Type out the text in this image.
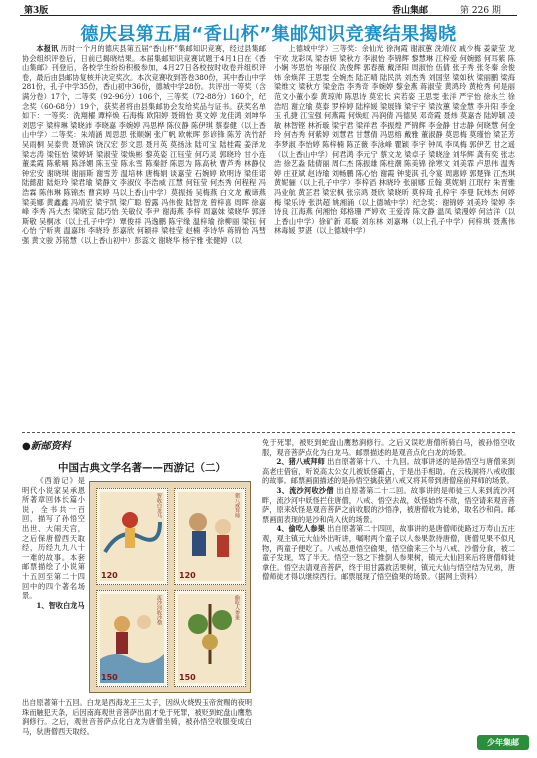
第3版	香山集邮	第 226 期
德庆县第五届“香山杯”集邮知识竞赛结果揭晓

本报讯 历时一个月的德庆县第五届“香山杯”集邮知识竞赛，经过县集邮协会组织评卷后，日前已揭晓结果。本届集邮知识竞赛试题于4月1日在《香山集邮》刊登后，各校学生纷纷积极参加，4月27日各校按时收卷并组织评卷，最后由县邮协复核并决定奖次。本次竞赛收到答卷380份，其中香山中学281份，孔子中学35份，香山初中36份，德城中学28份。共评出一等奖（含满分卷）17个，二等奖（92-96分）106个，三等奖（72-88分）160个，纪念奖（60-68分）19个，获奖者将由县集邮协会发给奖品与证书。获奖名单如下：一等奖：洗翔櫂 谭梓焕 石海梅 欧阳婷 聂锦怡 莫文婷 龙佳鸿 刘坤华 刘思宇 梁梓琳 梁晓沛 李晓嘉 李婉婷 冯思桦 陈仪静 陈伊琪 蔡泰健（以上香山中学）二等奖：朱靖涵 周思思 张顺娴 张广帆 欧帐晖 彭谚锋 陈芳 冼竹舒 吴雨桐 吴泰贵 聂锦滨 饶汉宏 彭文思 聂月英 莫扬泳 陆可宝 陆桂霞 姜泽龙 梁志涛 梁钰怡 梁婷妍 梁淑莹 梁焕彬 黎英姿 江钰莹 何巧灵 郭晓玲 甘小连 董柔霞 陈紫喃 陈泽媚 陈玉莹 陈永雪 陈秦舒 陈思为 陈高秋 曹芦秀 林静仪 钟宏安 谢晓琪 谢丽斯 谢雪芳 温培林 唐梅娟 谈嘉莹 石婉婷 欧明诗 梁佳诺 陆懿甜 陆炬玲 梁君瑜 梁静文 李淑仪 李浩威 江慧 何钰莹 何杰秀 何程程 冯浩霖 陈伟琳 陈锦杰 曹宾婷 马以上香山中学）莫振扬 吴梅燕 白文龙 戴谛燕 梁美娜 黄鑫鑫 冯靖宏 梁宇凯 梁广聪 曾露 冯伟俊 陆智龙 曾梓喜 周晖 徐嘉峰 李秀 冯大杰 梁晓宝 陆巧怡 关敏仪 李尹 谢海燕 李梓 周嘉妹 梁晓华 郭泽斯敬 吴桐冰（以上孔子中学）覃俊祥 冯逸鹏 陈宇缘 温梓瑜 徐柳丽 梁钰 何心怡 宁昕爽 温嘉玮 李晓玲 彭嘉欣 何颖祥 梁桂莹 赵楠 李诗华 蒋锦怡 冯彗强 黄文骏 苏铭慧（以上香山初中）彭蕊文 谢晓华 杨宇雅 张健婷（以

上德城中学）三等奖：余仙光 徐洵霞 谢淑蕙 洗靖仪 戚少梅 姜蒙莹 龙宇欢 龙彩凤 梁杏妍 梁秋方 李淑怡 李锦辉 黎慧琳 江梓爱 何婉懿 何耳紫 陈小娴 岑思怡 岑丽仪 冼俊辉 郭春薇 戴泽阳 周淑怡 伍倩 张子秀 张冬秦 余俊炜 余焕萍 王思雯 全婉杰 陆芷晴 陆民洪 刘杰秀 刘国坚 梁如秋 梁丽鹏 梁海 梁维文 梁秋方 梁金浩 李秀奇 李婉婷 黎金燕 蒋淑莹 黄鸿玲 黄枪秀 何是丽 范文小董小泰 黄琼帅 陈思诗 莫宏长 宾若姿 王思雯 张洋 严宇怡 徐永兰 徐浩绍 谢立瑜 莫泰 罗梓婷 陆梓媛 梁展锋 梁宇宇 梁汝蕙 梁金慧 李升阳 李金玉 孔捷 江宝强 何燕霞 何焕虹 冯润倩 冯德昊 邓奇霞 聂炜 莫嘉杏 陆婷颖 凌敏 林智铿 林祈璇 梁宇君 梁祥君 李振煌 严锦辉 李金静 甘志静 何晓慧 何金玲 何杏秀 何紫婷 刘慧君 甘慧倩 冯思榕 戴雅 董淑静 莫思梅 莫瑾怡 梁芷芳 李梦淑 李怡婷 陈梓楠 陈芷薇 李泳峰 瞿颖 李宇 钟凤 李凤梅 郭伊艺 甘之遥（以上香山中学）何君鸿 李元宁 蔡文龙 梁卓子 梁晓淦 刘华辉 龚有奕 张志浩 徐艺淼 陆倩丽 周仁杰 陈振雄 陈柱潮 陈美锦 徐寒文 刘美霏 卢思伟 温秀婷 庄亚斌 赵诗瑜 刘畅鹏 陈心怡 谢霞 钟斐淇 孔令宴 周惠婷 郭楚锋 江杰琪 黄妮骊（以上孔子中学）李梓滔 林晓玲 张丽娜 丘翰 莫妮娟 江珉柠 朱晋雅 冯业航 黄芷君 梁宏枫 张宗鸿 聂欣 梁晓昕 莫梓琦 孔梓宇 李曼 阮炜杰 何婷梅 梁乐诗 张洪超 姚湘涌（以上德城中学）纪念奖：谢锦婷 刘美玲 梁婷 李诗良 江海燕 何湘怡 郑格珊 严婷欢 王爱涛 陈文静 温凤 梁漫婷 何洁洋（以上香山中学）徐矿新 邓璇 刘东林 刘嘉琳（以上孔子中学）何梓琪 聂燕伟 林毒媛 罗湛（以上德城中学）

●新邮资料
中国古典文学名著——西游记（二）

《西游记》是明代小说家吴承恩所著章回体长篇小说，全书共一百回，描写了孙悟空出世、大闹天宫，之后保唐僧西天取经，历经九九八十一难的故事。本套邮票描绘了小说第十五回至第二十四回中的四个著名场景。

1、智收白龙马

智收白龙马
120
猪八戒拜师
120
流沙河收沙僧
150
偷吃人参果
150

出自原著第十五回。白龙是西海龙王三太子，因纵火烧毁玉帝赏赐的夜明珠而触犯天条，后因南海观世音菩萨出面才免于死罪，被贬到蛇盘山鹰愁涧修行。之后，观世音菩萨点化白龙为唐僧坐骑，被孙悟空收服变成白马，驮唐僧西天取经。

免于死罪，被贬到蛇盘山鹰愁涧修行。之后又误吃唐僧所骑白马，被孙悟空收服，观音菩萨点化为白龙马。邮票描述的是观音点化白龙的场景。

2、猪八戒拜师 出自原著第十八、十九回。故事讲述的是孙悟空与唐僧来到高老庄借宿，听说高太公女儿被妖怪霸占，于是出手相助。在云栈洞将八戒收服的故事。邮票画面描述的是孙悟空擒获猪八戒又将其带到唐僧座前拜师的场景。

3、流沙河收沙僧 出自原著第二十二回。故事讲的是师徒三人来到流沙河畔，流沙河中妖怪拦住唐僧，八戒、悟空去战，妖怪始终不敌，悟空请来观音菩萨，原来妖怪是观音菩萨之前收服的沙悟净，被唐僧收为徒弟，取名沙和尚。邮票画面表现的是沙和尚入伙的场景。

4、偷吃人参果 出自原著第二十四回，故事讲的是唐僧师徒路过万寿山五庄观，观主镇元大仙外出听讲，嘱咐两个童子以人参果款待唐僧，唐僧见果不似凡物，两童子便吃了。八戒怂恿悟空偷果，悟空偷来三个与八戒、沙僧分食，被二童子发现，骂了半天。悟空一怒之下推倒人参果树，镇元大仙回来后将唐僧师徒拿住。悟空去请观音菩萨，终于用甘露救活果树，镇元大仙与悟空结为兄弟，唐僧师徒才得以继续西行。邮票展现了悟空偷果的场景。（据网上资料）

少年集邮
